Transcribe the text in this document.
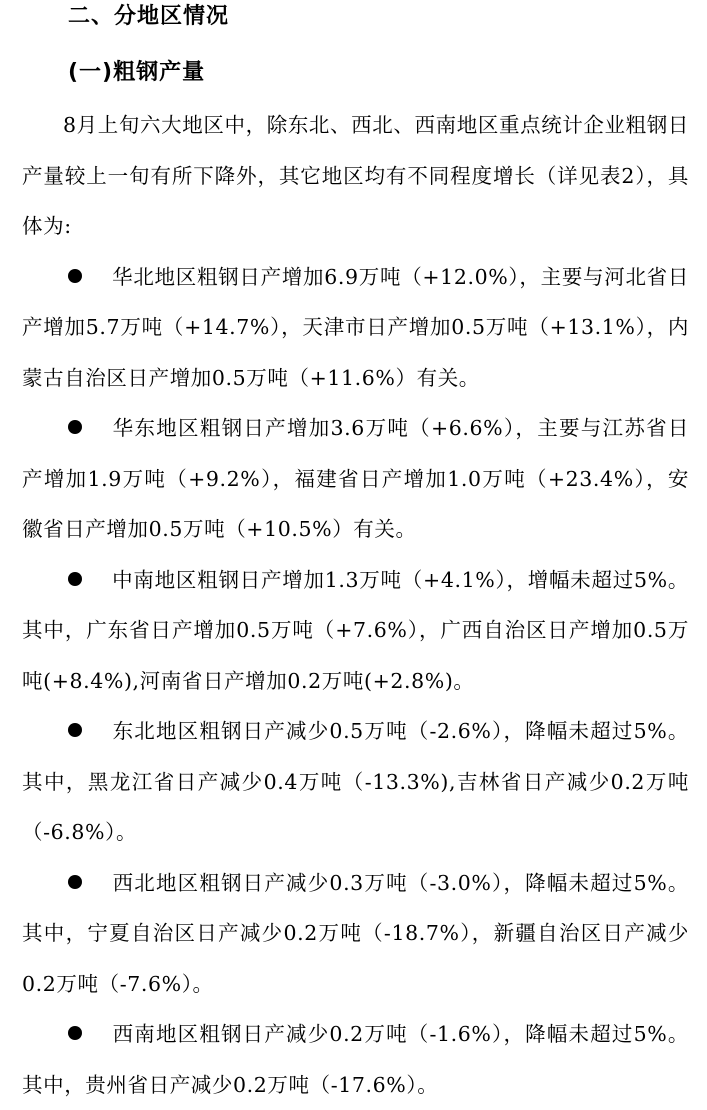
二、分地区情况
(一)粗钢产量

8月上旬六大地区中，除东北、西北、西南地区重点统计企业粗钢日产量较上一旬有所下降外，其它地区均有不同程度增长（详见表2），具体为:

华北地区粗钢日产增加6.9万吨（+12.0%），主要与河北省日产增加5.7万吨（+14.7%），天津市日产增加0.5万吨（+13.1%），内蒙古自治区日产增加0.5万吨（+11.6%）有关。

华东地区粗钢日产增加3.6万吨（+6.6%），主要与江苏省日产增加1.9万吨（+9.2%），福建省日产增加1.0万吨（+23.4%），安徽省日产增加0.5万吨（+10.5%）有关。

中南地区粗钢日产增加1.3万吨（+4.1%），增幅未超过5%。其中，广东省日产增加0.5万吨（+7.6%），广西自治区日产增加0.5万吨(+8.4%),河南省日产增加0.2万吨(+2.8%)。

东北地区粗钢日产减少0.5万吨（-2.6%），降幅未超过5%。其中，黑龙江省日产减少0.4万吨（-13.3%),吉林省日产减少0.2万吨（-6.8%）。

西北地区粗钢日产减少0.3万吨（-3.0%），降幅未超过5%。其中，宁夏自治区日产减少0.2万吨（-18.7%），新疆自治区日产减少0.2万吨（-7.6%）。

西南地区粗钢日产减少0.2万吨（-1.6%），降幅未超过5%。其中，贵州省日产减少0.2万吨（-17.6%）。
